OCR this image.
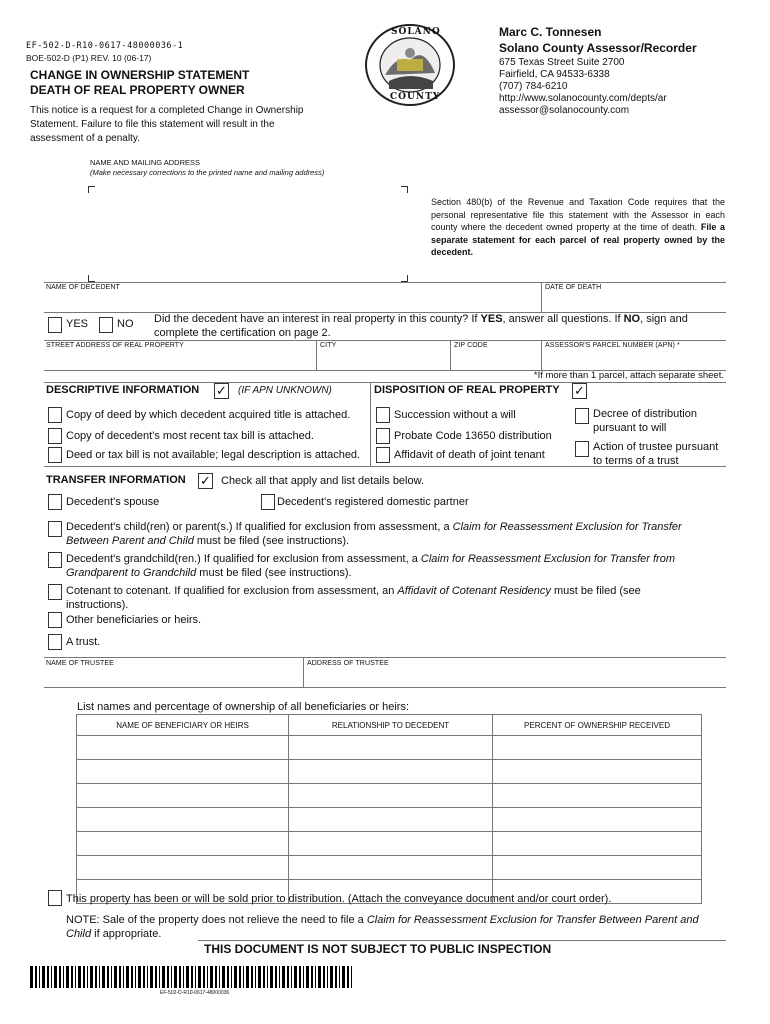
EF-502-D-R10-0617-48000036-1
BOE-502-D (P1) REV. 10 (06-17)
CHANGE IN OWNERSHIP STATEMENT
DEATH OF REAL PROPERTY OWNER
This notice is a request for a completed Change in Ownership Statement. Failure to file this statement will result in the assessment of a penalty.
SOLANO
COUNTY
Marc C. Tonnesen
Solano County Assessor/Recorder
675 Texas Street Suite 2700
Fairfield, CA 94533-6338
(707) 784-6210
http://www.solanocounty.com/depts/ar
assessor@solanocounty.com
NAME AND MAILING ADDRESS
(Make necessary corrections to the printed name and mailing address)
Section 480(b) of the Revenue and Taxation Code requires that the personal representative file this statement with the Assessor in each county where the decedent owned property at the time of death. File a separate statement for each parcel of real property owned by the decedent.
NAME OF DECEDENT	DATE OF DEATH
YES	NO Did the decedent have an interest in real property in this county? If YES, answer all questions. If NO, sign and complete the certification on page 2.
STREET ADDRESS OF REAL PROPERTY	CITY	ZIP CODE	ASSESSOR'S PARCEL NUMBER (APN) *
*If more than 1 parcel, attach separate sheet.
DESCRIPTIVE INFORMATION ✓ (IF APN UNKNOWN)
Copy of deed by which decedent acquired title is attached.
Copy of decedent's most recent tax bill is attached.
Deed or tax bill is not available; legal description is attached.
DISPOSITION OF REAL PROPERTY ✓
Succession without a will
Probate Code 13650 distribution
Affidavit of death of joint tenant
Decree of distribution pursuant to will
Action of trustee pursuant to terms of a trust
TRANSFER INFORMATION ✓ Check all that apply and list details below.
Decedent's spouse	Decedent's registered domestic partner
Decedent's child(ren) or parent(s.) If qualified for exclusion from assessment, a Claim for Reassessment Exclusion for Transfer Between Parent and Child must be filed (see instructions).
Decedent's grandchild(ren.) If qualified for exclusion from assessment, a Claim for Reassessment Exclusion for Transfer from Grandparent to Grandchild must be filed (see instructions).
Cotenant to cotenant. If qualified for exclusion from assessment, an Affidavit of Cotenant Residency must be filed (see instructions).
Other beneficiaries or heirs.
A trust.
NAME OF TRUSTEE	ADDRESS OF TRUSTEE
List names and percentage of ownership of all beneficiaries or heirs:
NAME OF BENEFICIARY OR HEIRS	RELATIONSHIP TO DECEDENT	PERCENT OF OWNERSHIP RECEIVED

This property has been or will be sold prior to distribution. (Attach the conveyance document and/or court order).
NOTE: Sale of the property does not relieve the need to file a Claim for Reassessment Exclusion for Transfer Between Parent and Child if appropriate.
THIS DOCUMENT IS NOT SUBJECT TO PUBLIC INSPECTION
EF-502-D-R10-0617-48000036
